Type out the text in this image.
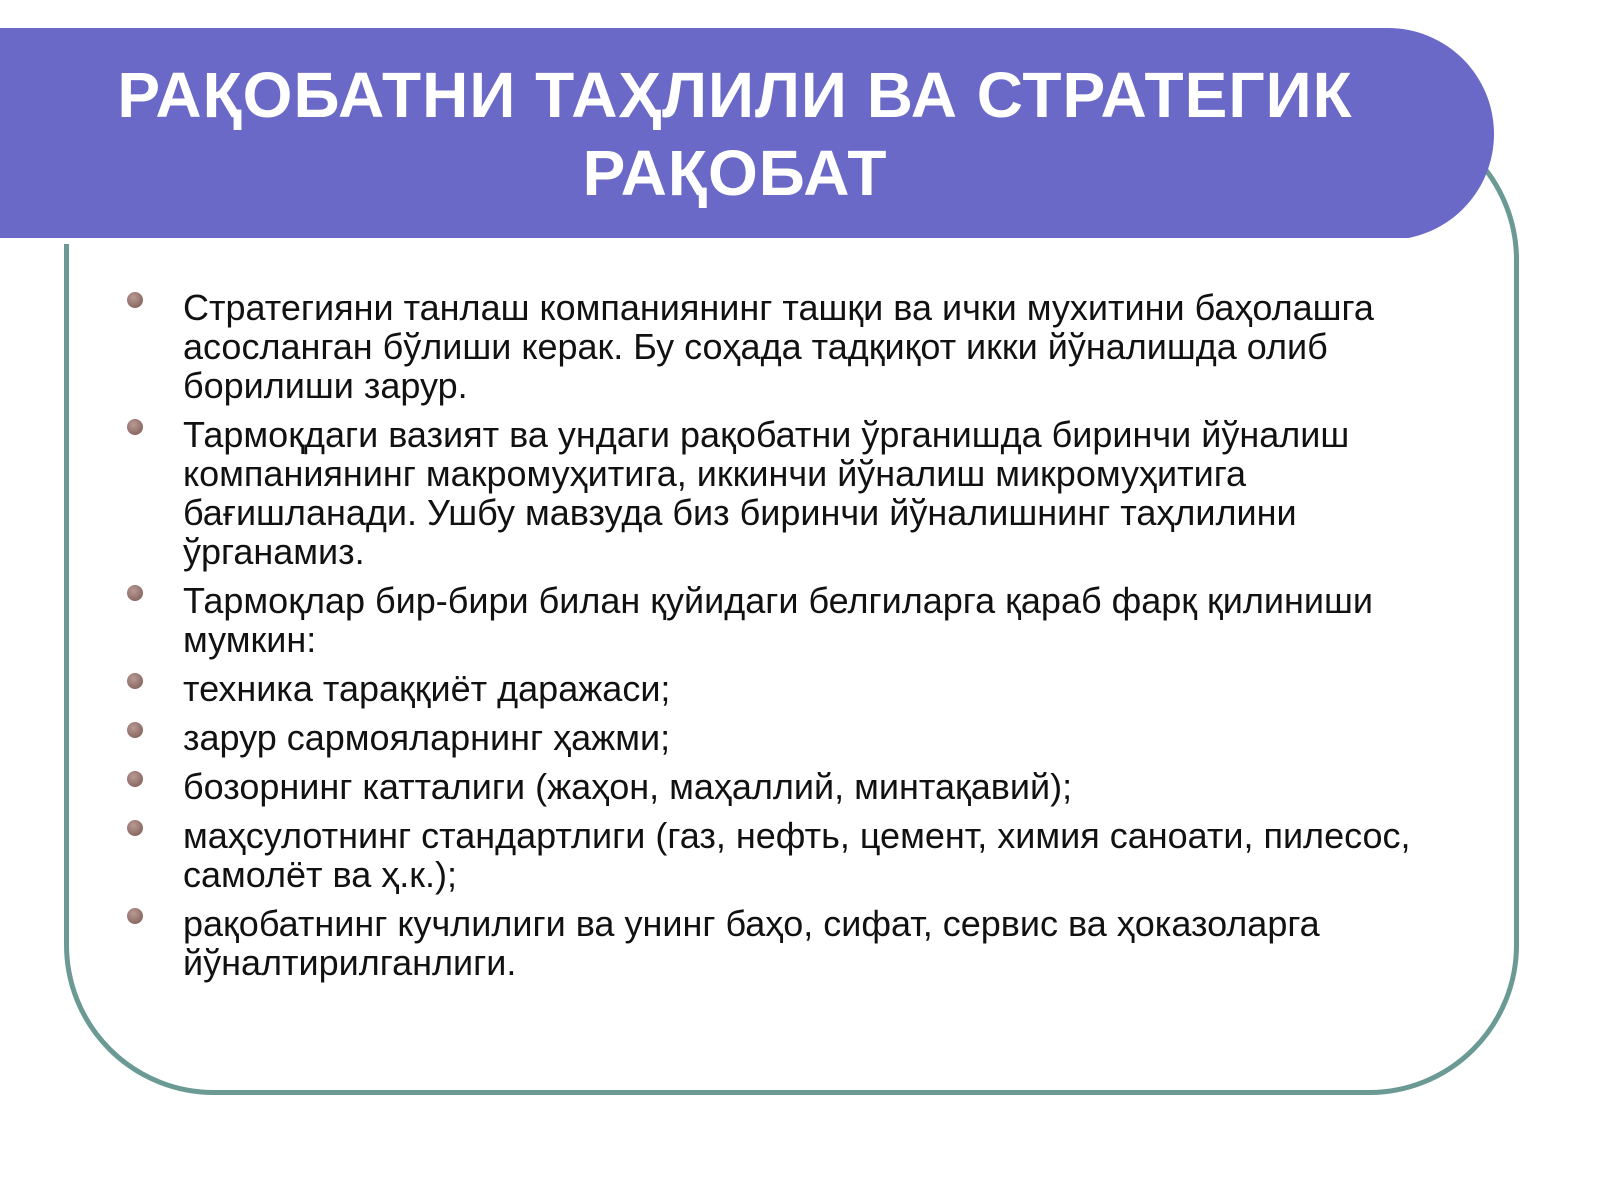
РАҚОБАТНИ ТАҲЛИЛИ ВА СТРАТЕГИК
РАҚОБАТ
Стратегияни танлаш компаниянинг ташқи ва ички мухитини баҳолашга асосланган бўлиши керак. Бу соҳада тадқиқот икки йўналишда олиб борилиши зарур.
Тармоқдаги вазият ва ундаги рақобатни ўрганишда биринчи йўналиш компаниянинг макромуҳитига, иккинчи йўналиш микромуҳитига бағишланади. Ушбу мавзуда биз биринчи йўналишнинг таҳлилини ўрганамиз.
Тармоқлар бир-бири билан қуйидаги белгиларга қараб фарқ қилиниши мумкин:
техника тараққиёт даражаси;
зарур сармояларнинг ҳажми;
бозорнинг катталиги (жаҳон, маҳаллий, минтақавий);
маҳсулотнинг стандартлиги (газ, нефть, цемент, химия саноати, пилесос, самолёт ва ҳ.к.);
рақобатнинг кучлилиги ва унинг баҳо, сифат, сервис ва ҳоказоларга йўналтирилганлиги.
